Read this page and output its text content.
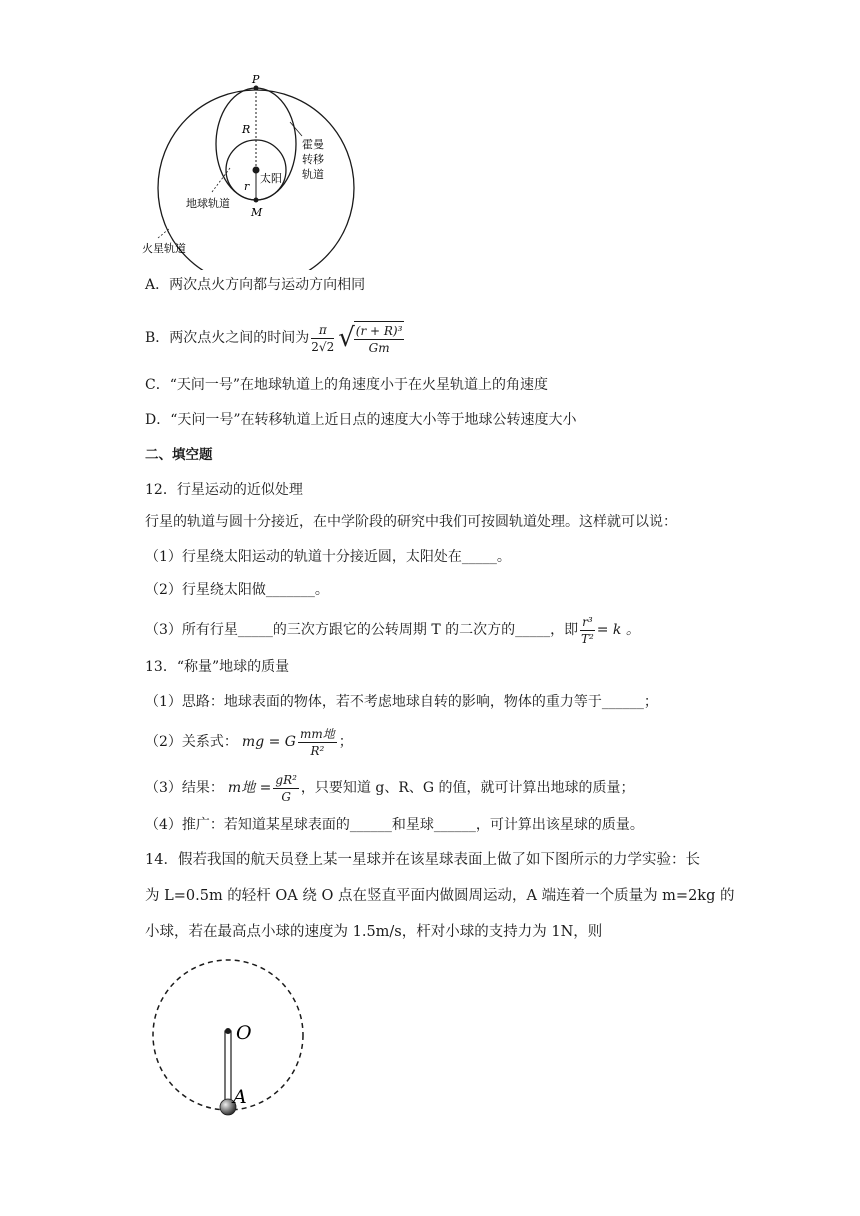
P
R
r
太阳
M
霍曼
转移
轨道
地球轨道
火星轨道
A．两次点火方向都与运动方向相同
B．两次点火之间的时间为 $\frac{\pi}{2√2}$ √ $\frac{\text{(r + R)³}}{Gm}$
C．“天问一号”在地球轨道上的角速度小于在火星轨道上的角速度
D．“天问一号”在转移轨道上近日点的速度大小等于地球公转速度大小
二、填空题
12．行星运动的近似处理
行星的轨道与圆十分接近，在中学阶段的研究中我们可按圆轨道处理。这样就可以说：
（1）行星绕太阳运动的轨道十分接近圆，太阳处在_____。
（2）行星绕太阳做_______。
（3）所有行星_____的三次方跟它的公转周期 T 的二次方的_____，即 $\frac{\text{r³}}{\text{T²}} = k$ 。
13．“称量”地球的质量
（1）思路：地球表面的物体，若不考虑地球自转的影响，物体的重力等于______；
（2）关系式： mg = G $\frac{\text{mm地}}{\text{R²}}$ ；
（3）结果： m地 = $\frac{\text{gR²}}{G}$ ，只要知道 g、R、G 的值，就可计算出地球的质量；
（4）推广：若知道某星球表面的______和星球______，可计算出该星球的质量。
14．假若我国的航天员登上某一星球并在该星球表面上做了如下图所示的力学实验：长
为 L=0.5m 的轻杆 OA 绕 O 点在竖直平面内做圆周运动，A 端连着一个质量为 m=2kg 的
小球，若在最高点小球的速度为 1.5m/s，杆对小球的支持力为 1N，则
O
A
